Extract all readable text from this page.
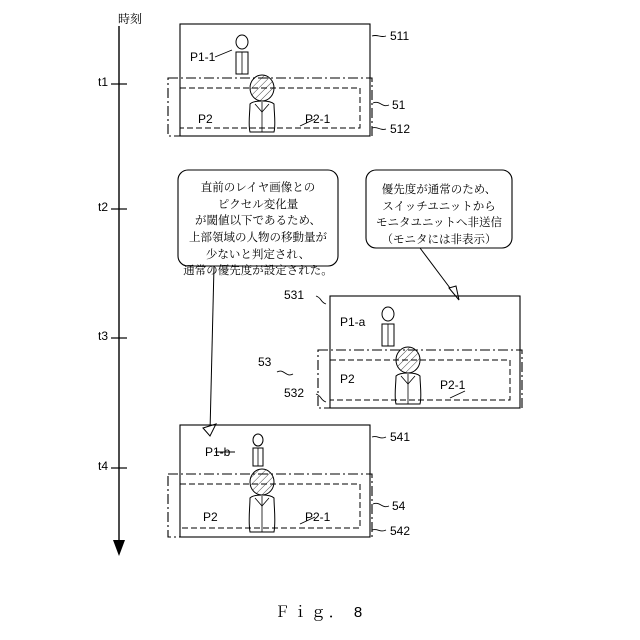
時刻
t1
t2
t3
t4
P1-1
P2	P2-1
511
51
512
直前のレイヤ画像との
ピクセル変化量
が閾値以下であるため、
上部領域の人物の移動量が
少ないと判定され、
通常の優先度が設定された。
優先度が通常のため、
スイッチユニットから
モニタユニットへ非送信
（モニタには非表示）
P1-a
P2	P2-1
531
53
532
P1-b
P2	P2-1
541
54
542
Ｆｉｇ． 8
